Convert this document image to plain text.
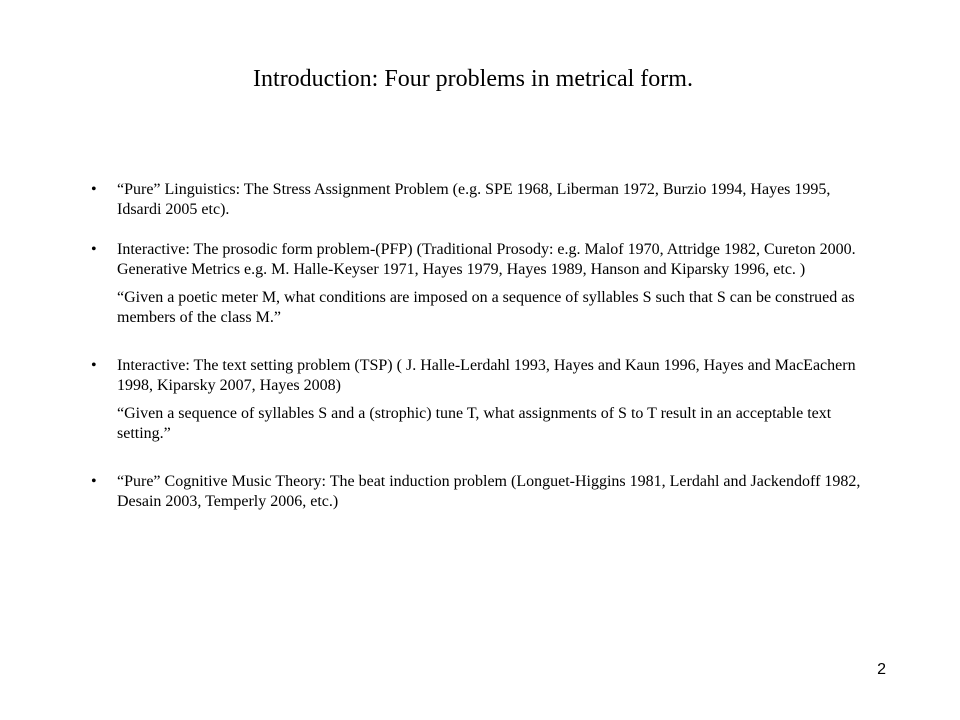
Introduction: Four problems in metrical form.
•	“Pure” Linguistics: The Stress Assignment Problem (e.g. SPE 1968, Liberman 1972, Burzio 1994, Hayes 1995, Idsardi 2005 etc).
•	Interactive: The prosodic form problem-(PFP) (Traditional Prosody: e.g. Malof 1970, Attridge 1982, Cureton 2000. Generative Metrics e.g. M. Halle-Keyser 1971, Hayes 1979, Hayes 1989, Hanson and Kiparsky 1996, etc. )
“Given a poetic meter M, what conditions are imposed on a sequence of syllables S such that S can be construed as members of the class M.”
•	Interactive: The text setting problem (TSP) ( J. Halle-Lerdahl 1993, Hayes and Kaun 1996, Hayes and MacEachern 1998, Kiparsky 2007, Hayes 2008)
“Given a sequence of syllables S and a (strophic) tune T, what assignments of S to T result in an acceptable text setting.”
•	“Pure” Cognitive Music Theory: The beat induction problem (Longuet-Higgins 1981, Lerdahl and Jackendoff 1982, Desain 2003, Temperly 2006, etc.)
2
